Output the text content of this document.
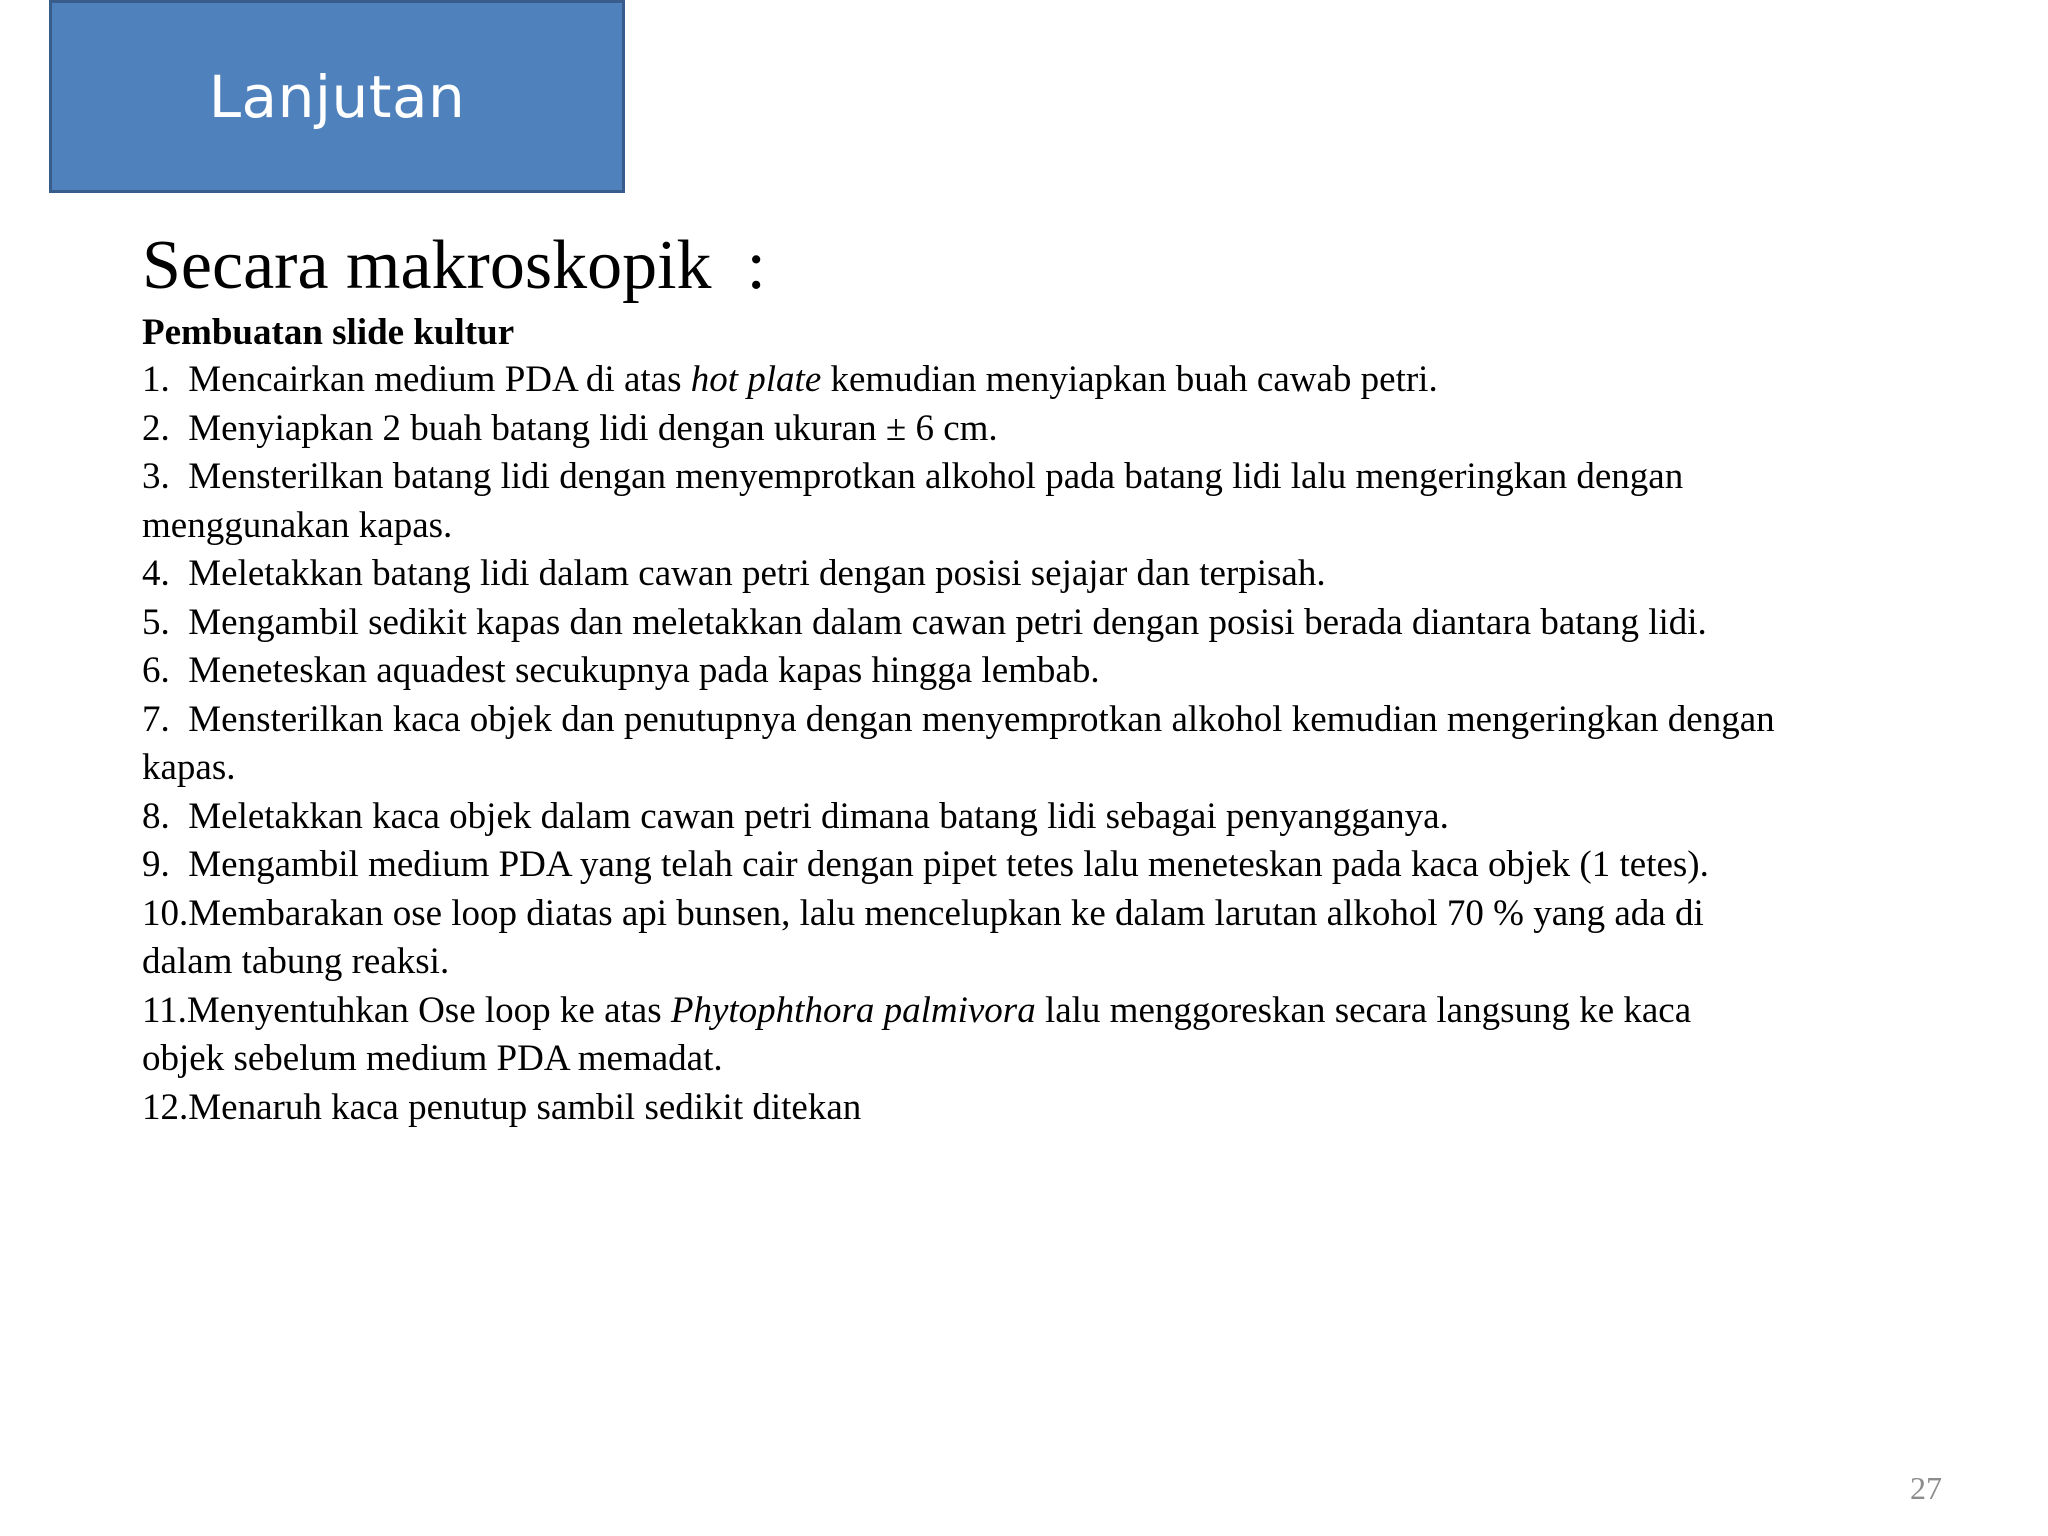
Lanjutan

Secara makroskopik  :

Pembuatan slide kultur

1.  Mencairkan medium PDA di atas hot plate kemudian menyiapkan buah cawab petri.
2.  Menyiapkan 2 buah batang lidi dengan ukuran ± 6 cm.
3.  Mensterilkan batang lidi dengan menyemprotkan alkohol pada batang lidi lalu mengeringkan dengan menggunakan kapas.
4.  Meletakkan batang lidi dalam cawan petri dengan posisi sejajar dan terpisah.
5.  Mengambil sedikit kapas dan meletakkan dalam cawan petri dengan posisi berada diantara batang lidi.
6.  Meneteskan aquadest secukupnya pada kapas hingga lembab.
7.  Mensterilkan kaca objek dan penutupnya dengan menyemprotkan alkohol kemudian mengeringkan dengan kapas.
8.  Meletakkan kaca objek dalam cawan petri dimana batang lidi sebagai penyangganya.
9.  Mengambil medium PDA yang telah cair dengan pipet tetes lalu meneteskan pada kaca objek (1 tetes).
10.Membarakan ose loop diatas api bunsen, lalu mencelupkan ke dalam larutan alkohol 70 % yang ada di dalam tabung reaksi.
11.Menyentuhkan Ose loop ke atas Phytophthora palmivora lalu menggoreskan secara langsung ke kaca objek sebelum medium PDA memadat.
12.Menaruh kaca penutup sambil sedikit ditekan
27
